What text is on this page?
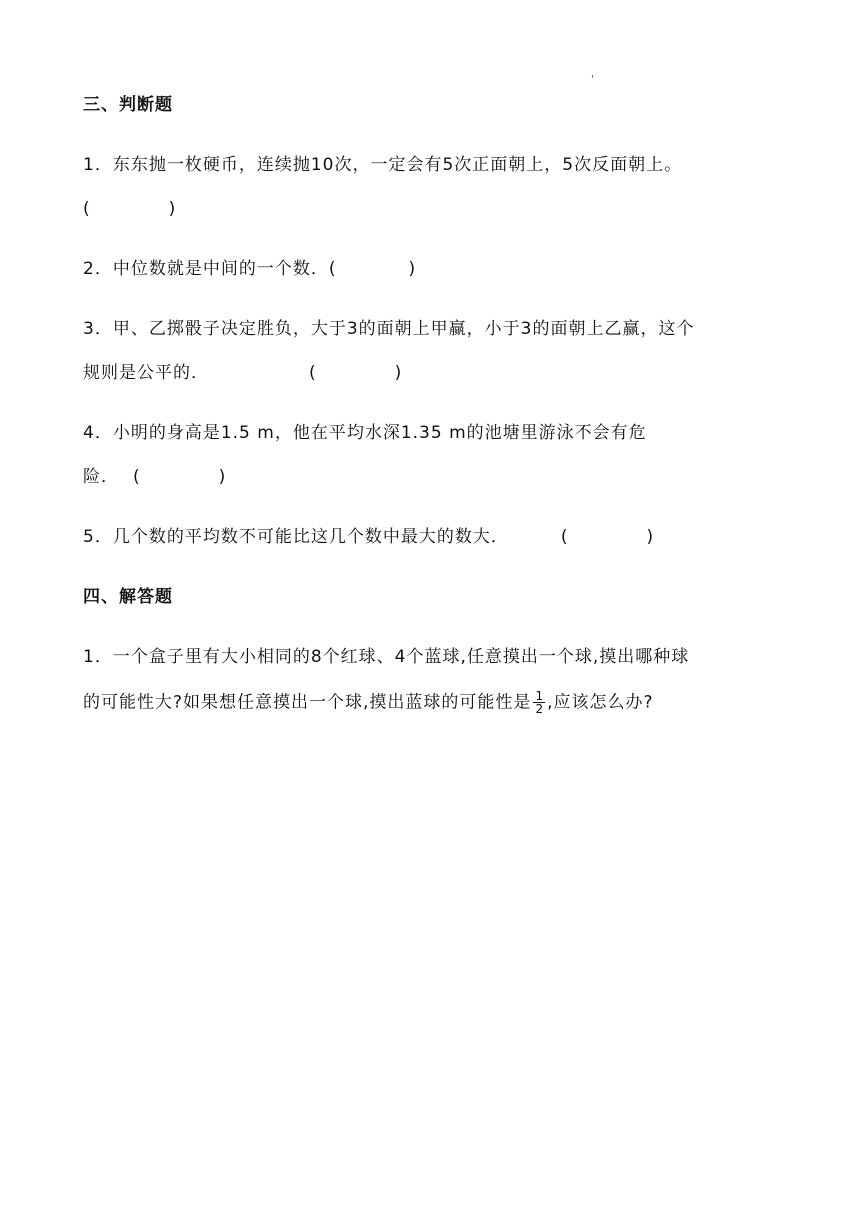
'
三、判断题
1．东东抛一枚硬币，连续抛10次，一定会有5次正面朝上，5次反面朝上。
(	)
2．中位数就是中间的一个数．(	)
3．甲、乙掷骰子决定胜负，大于3的面朝上甲赢，小于3的面朝上乙赢，这个
规则是公平的．	(	)
4．小明的身高是1.5 m，他在平均水深1.35 m的池塘里游泳不会有危
险． (	)
5．几个数的平均数不可能比这几个数中最大的数大．	(	)
四、解答题
1．一个盒子里有大小相同的8个红球、4个蓝球,任意摸出一个球,摸出哪种球
的可能性大?如果想任意摸出一个球,摸出蓝球的可能性是 $\frac{1}{2}$ ,应该怎么办?
